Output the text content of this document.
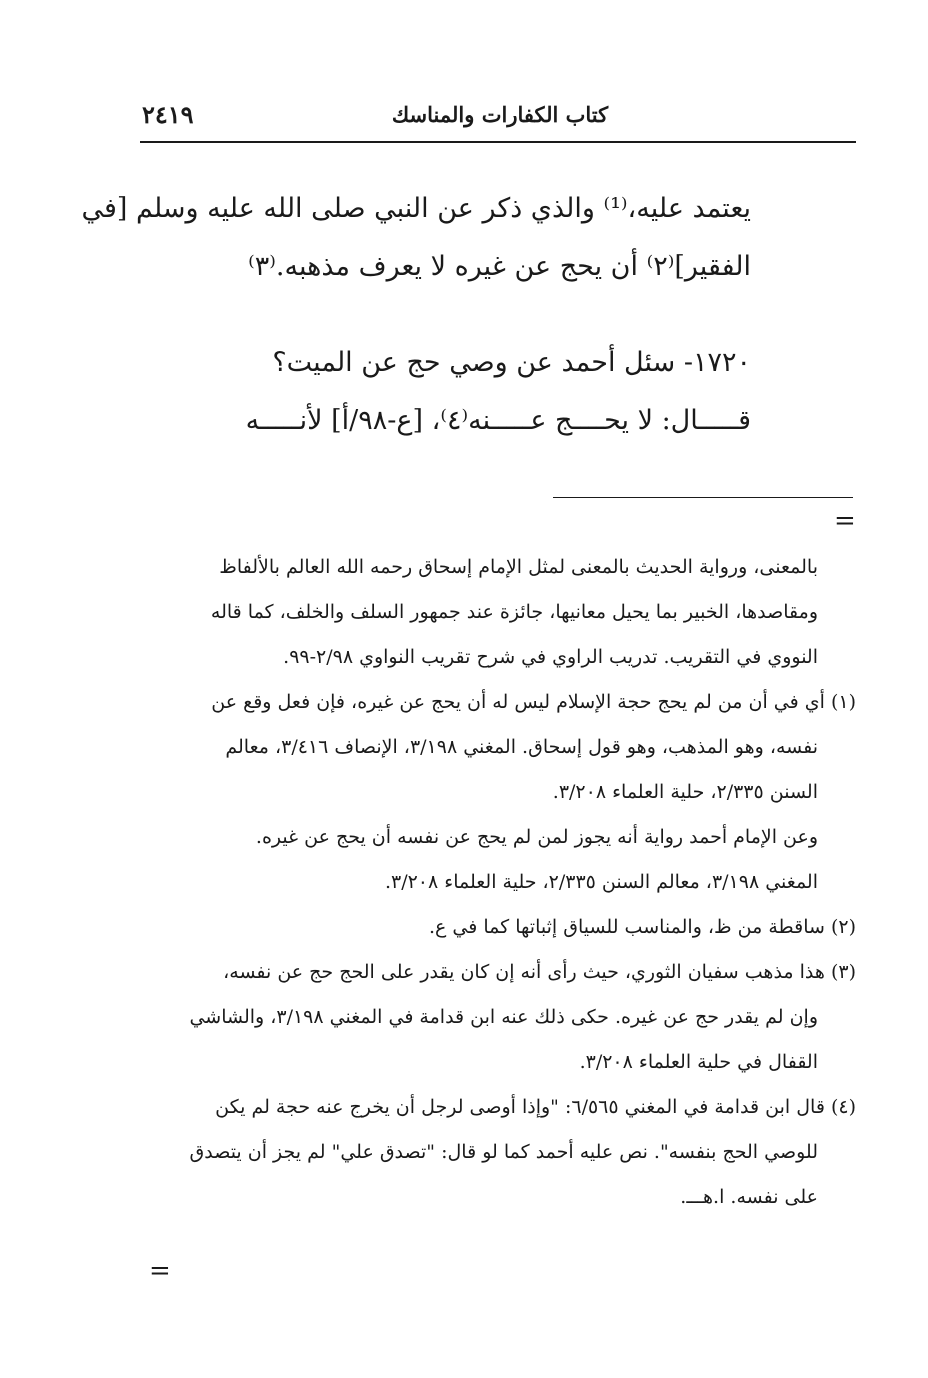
كتاب الكفارات والمناسك
٢٤١٩
يعتمد عليه،⁽¹⁾ والذي ذكر عن النبي صلى الله عليه وسلم [في
الفقير]⁽٢⁾ أن يحج عن غيره لا يعرف مذهبه.⁽٣⁾
١٧٢٠- سئل أحمد عن وصي حج عن الميت؟
قـــــال: لا يحــــج عـــــنه⁽٤⁾، [ع-٩٨/أ] لأنـــــه
=
بالمعنى، ورواية الحديث بالمعنى لمثل الإمام إسحاق رحمه الله العالم بالألفاظ
ومقاصدها، الخبير بما يحيل معانيها، جائزة عند جمهور السلف والخلف، كما قاله
النووي في التقريب. تدريب الراوي في شرح تقريب النواوي ٢/٩٨-٩٩.
(١) أي في أن من لم يحج حجة الإسلام ليس له أن يحج عن غيره، فإن فعل وقع عن
نفسه، وهو المذهب، وهو قول إسحاق. المغني ٣/١٩٨، الإنصاف ٣/٤١٦، معالم
السنن ٢/٣٣٥، حلية العلماء ٣/٢٠٨.
وعن الإمام أحمد رواية أنه يجوز لمن لم يحج عن نفسه أن يحج عن غيره.
المغني ٣/١٩٨، معالم السنن ٢/٣٣٥، حلية العلماء ٣/٢٠٨.
(٢) ساقطة من ظ، والمناسب للسياق إثباتها كما في ع.
(٣) هذا مذهب سفيان الثوري، حيث رأى أنه إن كان يقدر على الحج حج عن نفسه،
وإن لم يقدر حج عن غيره. حكى ذلك عنه ابن قدامة في المغني ٣/١٩٨، والشاشي
القفال في حلية العلماء ٣/٢٠٨.
(٤) قال ابن قدامة في المغني ٦/٥٦٥: "وإذا أوصى لرجل أن يخرج عنه حجة لم يكن
للوصي الحج بنفسه". نص عليه أحمد كما لو قال: "تصدق علي" لم يجز أن يتصدق
على نفسه. ا.هـــ.
=
